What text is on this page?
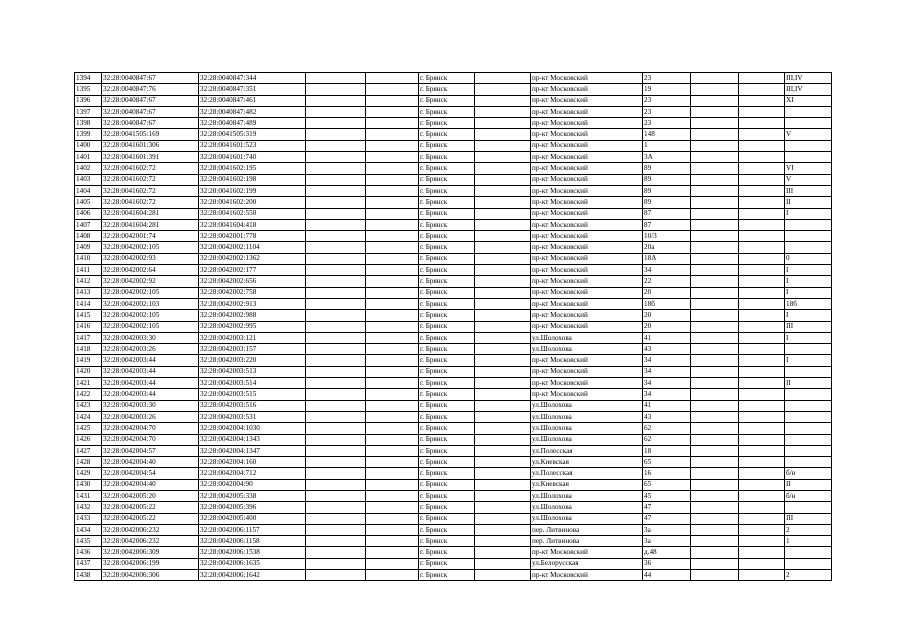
1394	32:28:0040847:67	32:28:0040847:344			г. Брянск		пр-кт Московский	23			III,IV
1395	32:28:0040847:76	32:28:0040847:351			г. Брянск		пр-кт Московский	19			III,IV
1396	32:28:0040847:67	32:28:0040847:461			г. Брянск		пр-кт Московский	23			XI
1397	32:28:0040847:67	32:28:0040847:482			г. Брянск		пр-кт Московский	23			
1398	32:28:0040847:67	32:28:0040847:489			г. Брянск		пр-кт Московский	23			
1399	32:28:0041505:169	32:28:0041505:319			г. Брянск		пр-кт Московский	148			V
1400	32:28:0041601:306	32:28:0041601:523			г. Брянск		пр-кт Московский	1			
1401	32:28:0041601:391	32:28:0041601:740			г. Брянск		пр-кт Московский	3А			
1402	32:28:0041602:72	32:28:0041602:195			г. Брянск		пр-кт Московский	89			VI
1403	32:28:0041602:72	32:28:0041602:198			г. Брянск		пр-кт Московский	89			V
1404	32:28:0041602:72	32:28:0041602:199			г. Брянск		пр-кт Московский	89			III
1405	32:28:0041602:72	32:28:0041602:200			г. Брянск		пр-кт Московский	89			II
1406	32:28:0041604:281	32:28:0041602:550			г. Брянск		пр-кт Московский	87			I
1407	32:28:0041604:281	32:28:0041604:418			г. Брянск		пр-кт Московский	87			
1408	32:28:0042001:74	32:28:0042001:778			г. Брянск		пр-кт Московский	10/3			
1409	32:28:0042002:105	32:28:0042002:1104			г. Брянск		пр-кт Московский	20а			
1410	32:28:0042002:93	32:28:0042002:1362			г. Брянск		пр-кт Московский	18А			0
1411	32:28:0042002:64	32:28:0042002:177			г. Брянск		пр-кт Московский	34			I
1412	32:28:0042002:92	32:28:0042002:656			г. Брянск		пр-кт Московский	22			I
1413	32:28:0042002:105	32:28:0042002:758			г. Брянск		пр-кт Московский	20			I
1414	32:28:0042002:103	32:28:0042002:913			г. Брянск		пр-кт Московский	18б			18б
1415	32:28:0042002:105	32:28:0042002:988			г. Брянск		пр-кт Московский	20			I
1416	32:28:0042002:105	32:28:0042002:995			г. Брянск		пр-кт Московский	20			III
1417	32:28:0042003:30	32:28:0042003:121			г. Брянск		ул.Шолохова	41			I
1418	32:28:0042003:26	32:28:0042003:157			г. Брянск		ул.Шолохова	43			
1419	32:28:0042003:44	32:28:0042003:220			г. Брянск		пр-кт Московский	34			I
1420	32:28:0042003:44	32:28:0042003:513			г. Брянск		пр-кт Московский	34			
1421	32:28:0042003:44	32:28:0042003:514			г. Брянск		пр-кт Московский	34			II
1422	32:28:0042003:44	32:28:0042003:515			г. Брянск		пр-кт Московский	34			
1423	32:28:0042003:30	32:28:0042003:516			г. Брянск		ул.Шолохова	41			
1424	32:28:0042003:26	32:28:0042003:531			г. Брянск		ул.Шолохова	43			
1425	32:28:0042004:70	32:28:0042004:1030			г. Брянск		ул.Шолохова	62			
1426	32:28:0042004:70	32:28:0042004:1343			г. Брянск		ул.Шолохова	62			
1427	32:28:0042004:57	32:28:0042004:1347			г. Брянск		ул.Полесская	18			
1428	32:28:0042004:40	32:28:0042004:160			г. Брянск		ул.Киевская	65			
1429	32:28:0042004:54	32:28:0042004:712			г. Брянск		ул.Полесская	16			б/н
1430	32:28:0042004:40	32:28:0042004:90			г. Брянск		ул.Киевская	65			II
1431	32:28:0042005:20	32:28:0042005:338			г. Брянск		ул.Шолохова	45			б/н
1432	32:28:0042005:22	32:28:0042005:396			г. Брянск		ул.Шолохова	47			
1433	32:28:0042005:22	32:28:0042005:400			г. Брянск		ул.Шолохова	47			III
1434	32:28:0042006:232	32:28:0042006:1157			г. Брянск		пер. Литвинова	3а			2
1435	32:28:0042006:232	32:28:0042006:1158			г. Брянск		пер. Литвинова	3а			1
1436	32:28:0042006:309	32:28:0042006:1538			г. Брянск		пр-кт Московский	д.48			
1437	32:28:0042006:199	32:28:0042006:1635			г. Брянск		ул.Белорусская	36			
1438	32:28:0042006:306	32:28:0042006:1642			г. Брянск		пр-кт Московский	44			2
